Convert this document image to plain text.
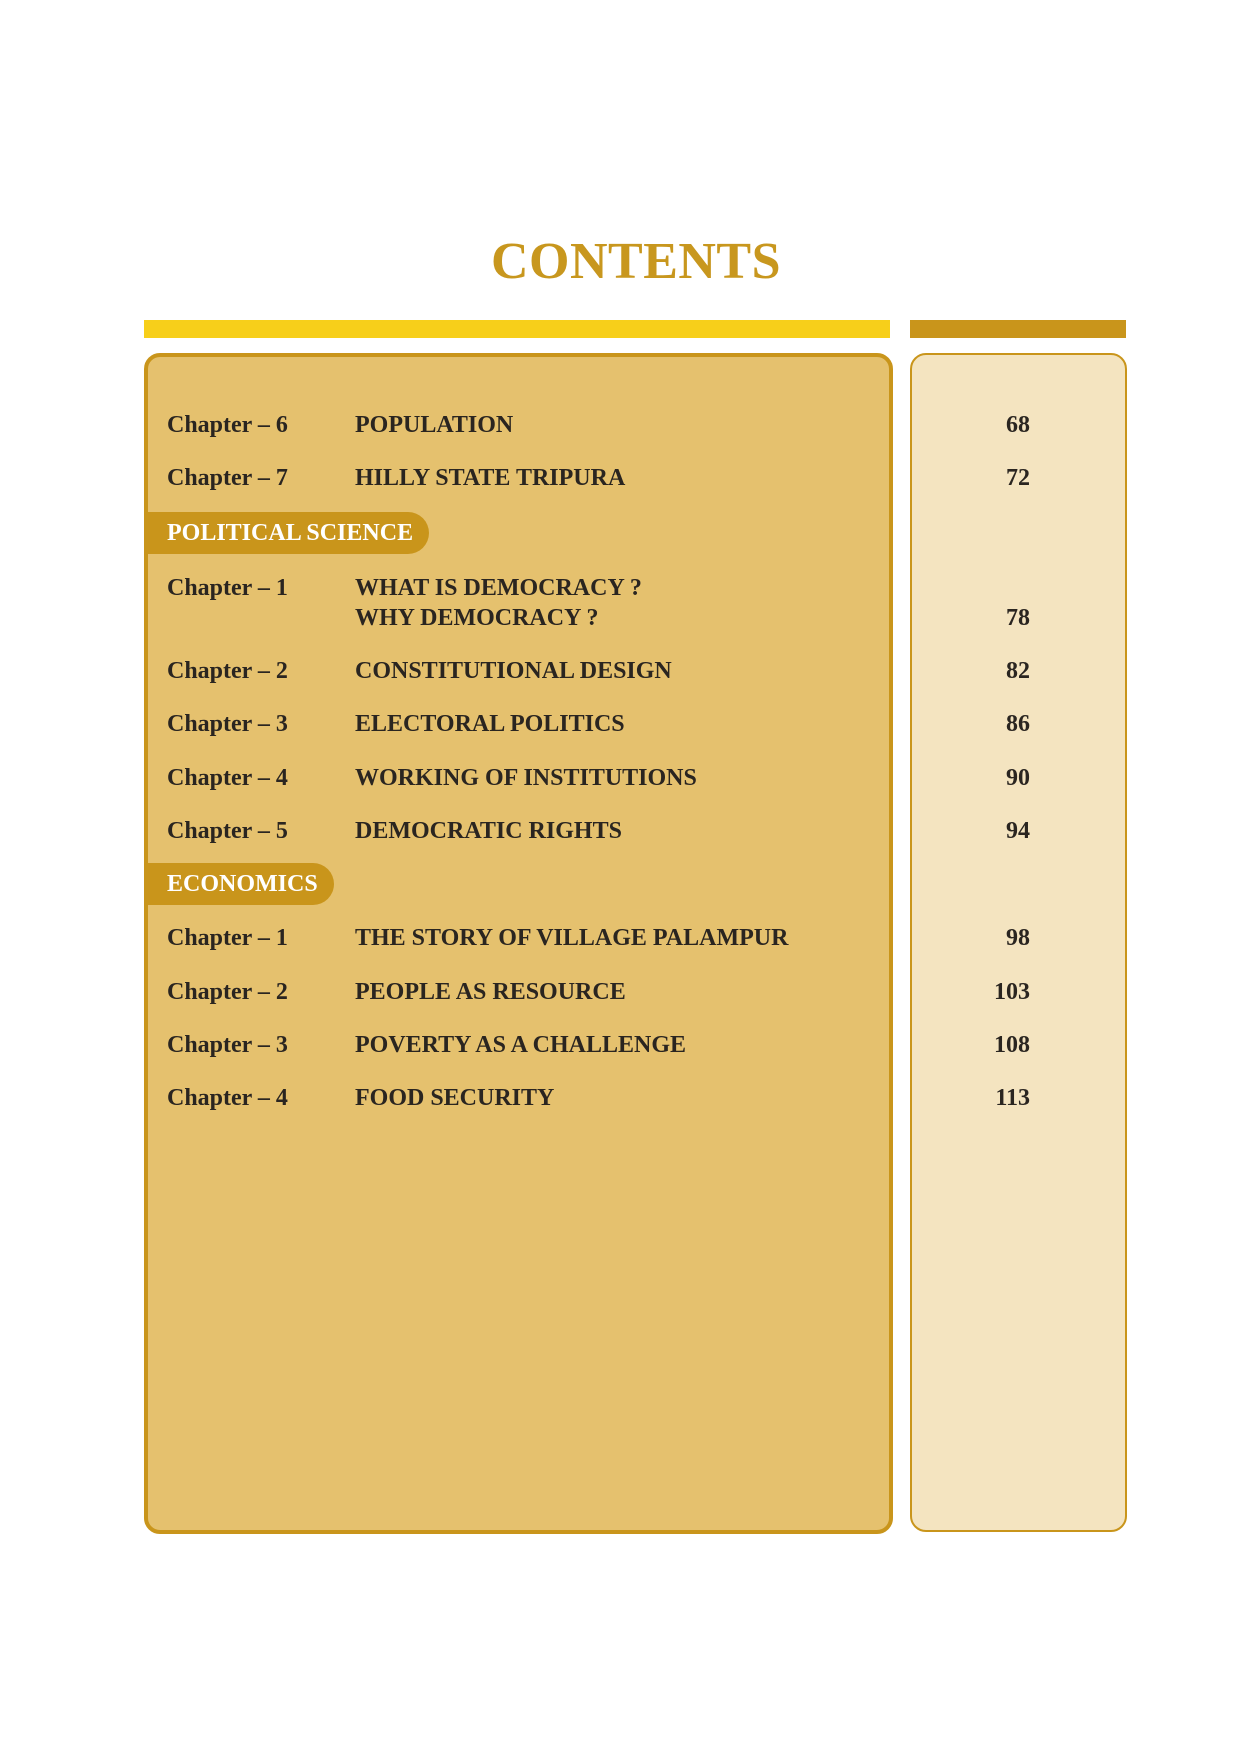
CONTENTS
Chapter – 6	POPULATION	68
Chapter – 7	HILLY STATE TRIPURA	72
POLITICAL SCIENCE
Chapter – 1	WHAT IS DEMOCRACY ?
WHY DEMOCRACY ?	78
Chapter – 2	CONSTITUTIONAL DESIGN	82
Chapter – 3	ELECTORAL POLITICS	86
Chapter – 4	WORKING OF INSTITUTIONS	90
Chapter – 5	DEMOCRATIC RIGHTS	94
ECONOMICS
Chapter – 1	THE STORY OF VILLAGE PALAMPUR	98
Chapter – 2	PEOPLE AS RESOURCE	103
Chapter – 3	POVERTY AS A CHALLENGE	108
Chapter – 4	FOOD SECURITY	113
